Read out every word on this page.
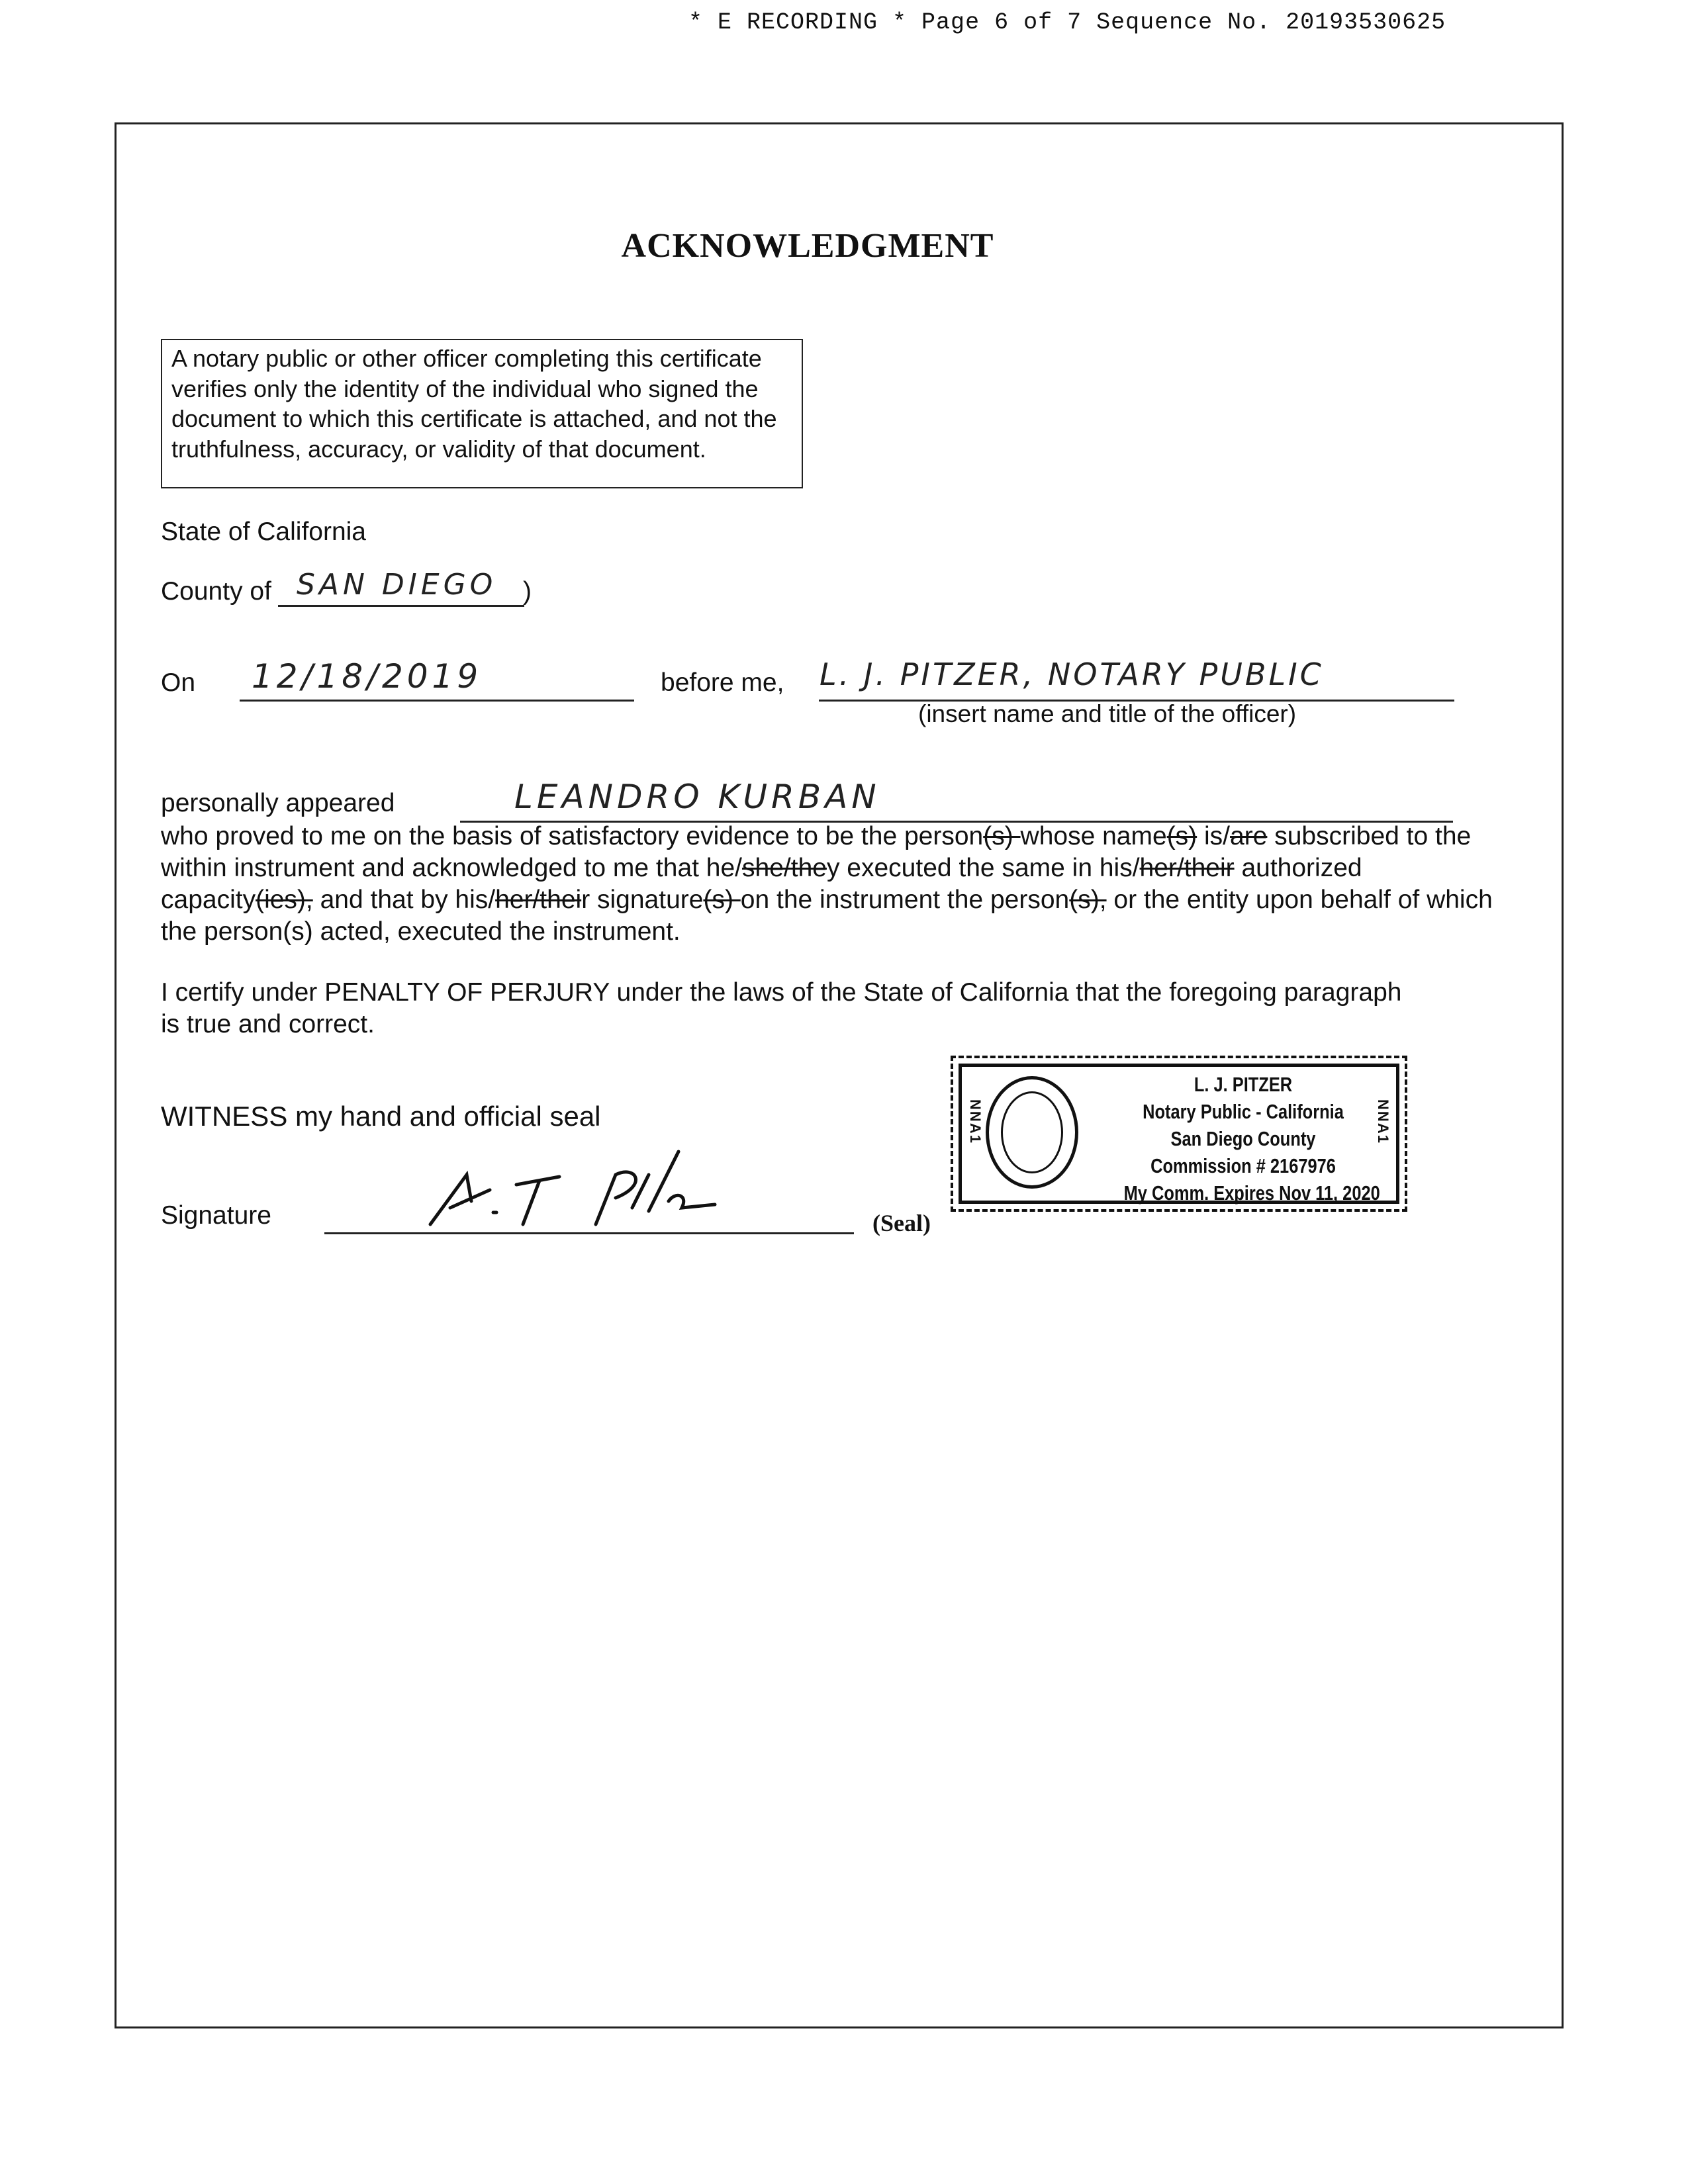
* E RECORDING * Page 6 of 7 Sequence No. 20193530625
ACKNOWLEDGMENT
A notary public or other officer completing this certificate verifies only the identity of the individual who signed the document to which this certificate is attached, and not the truthfulness, accuracy, or validity of that document.
State of California
County of SAN DIEGO )
On 12/18/2019	before me, L. J. PITZER, NOTARY PUBLIC
(insert name and title of the officer)
personally appeared	LEANDRO KURBAN
who proved to me on the basis of satisfactory evidence to be the person(s) whose name(s) is/are subscribed to the within instrument and acknowledged to me that he/she/they executed the same in his/her/their authorized capacity(ies), and that by his/her/their signature(s) on the instrument the person(s), or the entity upon behalf of which the person(s) acted, executed the instrument.
I certify under PENALTY OF PERJURY under the laws of the State of California that the foregoing paragraph is true and correct.
WITNESS my hand and official seal
Signature	(Seal)
L. J. PITZER
Notary Public - California
San Diego County
Commission # 2167976
My Comm. Expires Nov 11, 2020
NNA1	NNA1
